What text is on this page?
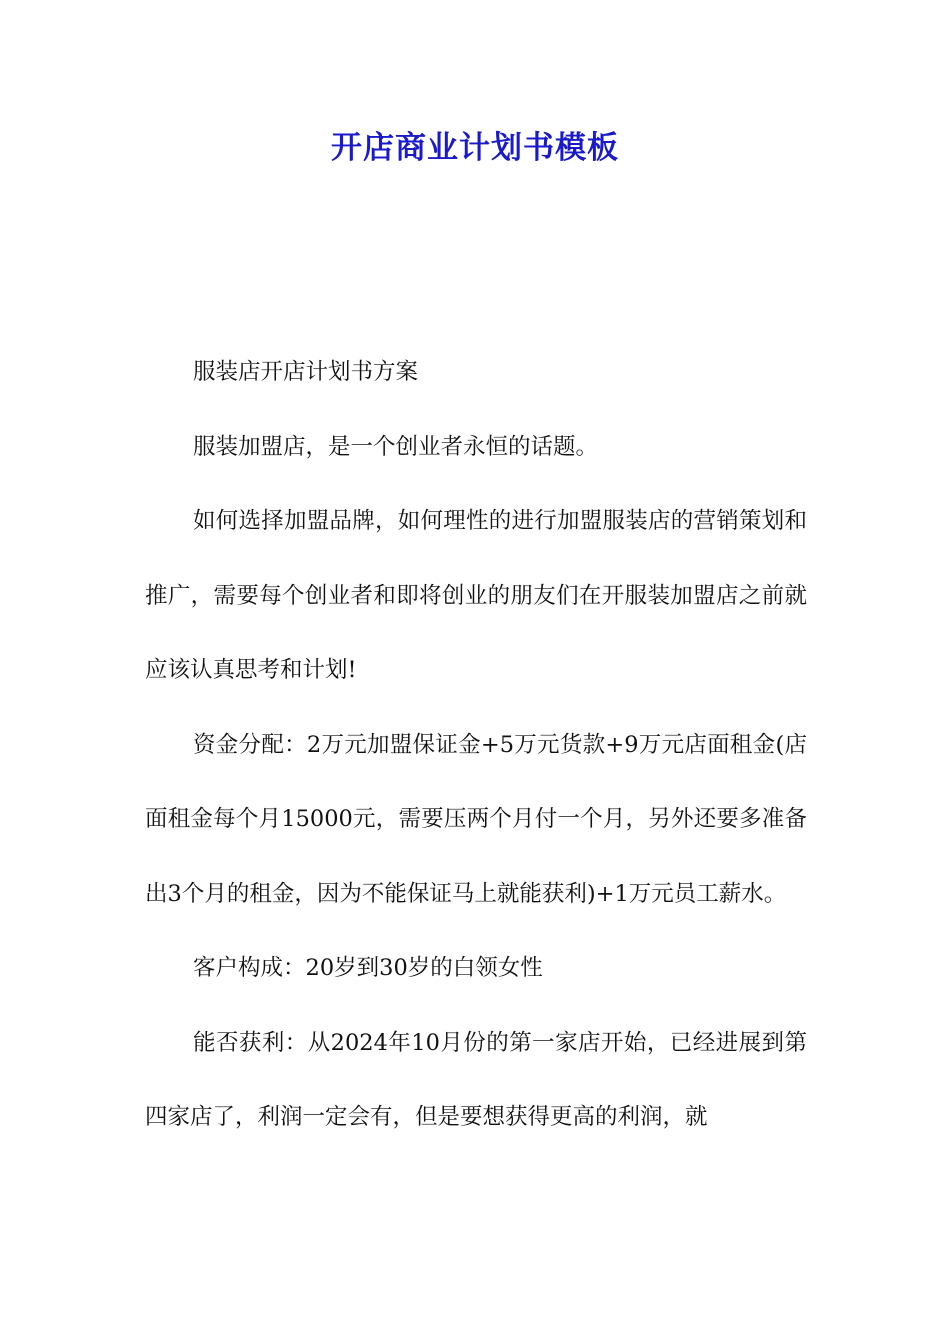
开店商业计划书模板

服装店开店计划书方案

服装加盟店，是一个创业者永恒的话题。

如何选择加盟品牌，如何理性的进行加盟服装店的营销策划和推广，需要每个创业者和即将创业的朋友们在开服装加盟店之前就应该认真思考和计划!

资金分配：2万元加盟保证金+5万元货款+9万元店面租金(店面租金每个月15000元，需要压两个月付一个月，另外还要多准备出3个月的租金，因为不能保证马上就能获利)+1万元员工薪水。

客户构成：20岁到30岁的白领女性

能否获利：从2024年10月份的第一家店开始，已经进展到第四家店了，利润一定会有，但是要想获得更高的利润，就
